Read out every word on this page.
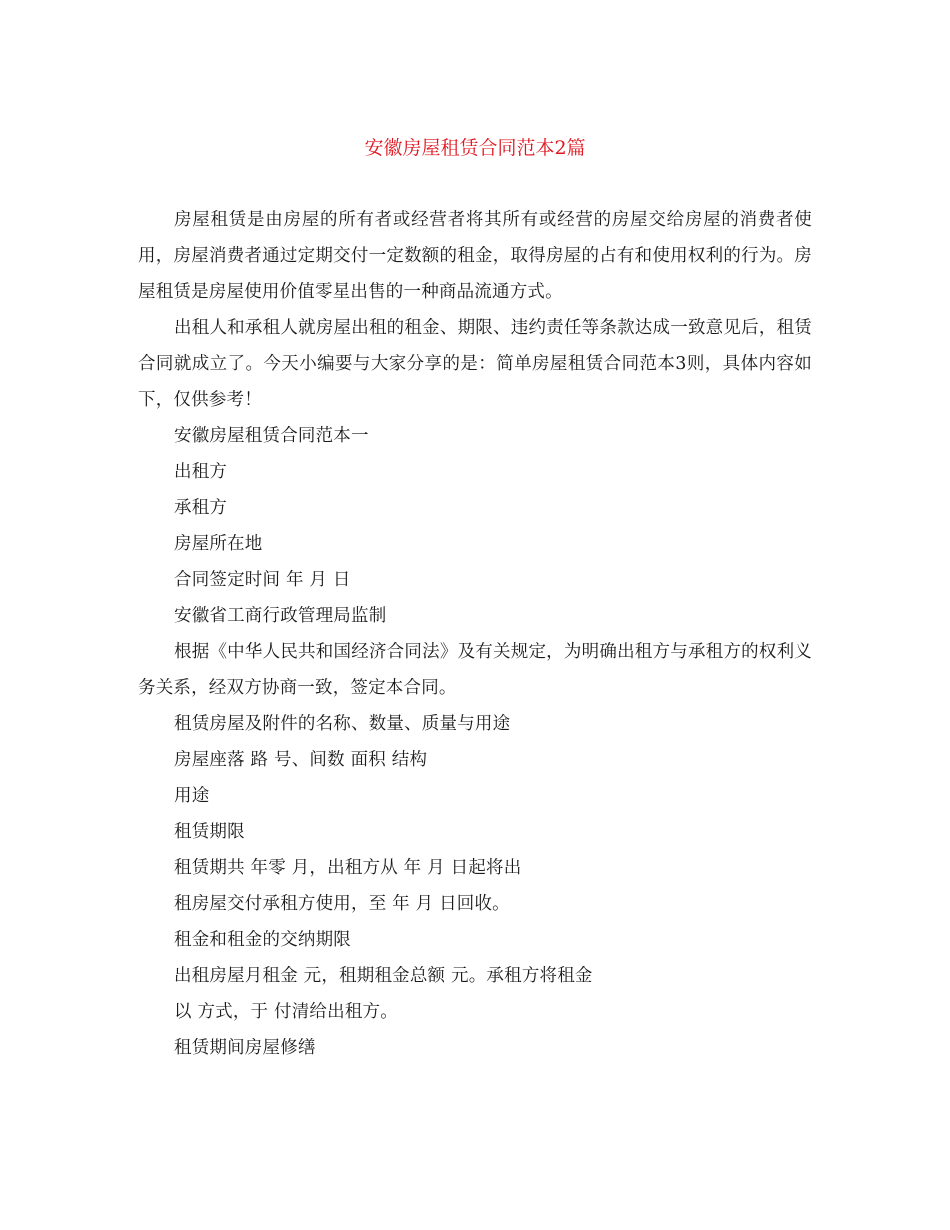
安徽房屋租赁合同范本2篇

房屋租赁是由房屋的所有者或经营者将其所有或经营的房屋交给房屋的消费者使用，房屋消费者通过定期交付一定数额的租金，取得房屋的占有和使用权利的行为。房屋租赁是房屋使用价值零星出售的一种商品流通方式。

出租人和承租人就房屋出租的租金、期限、违约责任等条款达成一致意见后，租赁合同就成立了。今天小编要与大家分享的是：简单房屋租赁合同范本3则，具体内容如下，仅供参考！

安徽房屋租赁合同范本一

出租方

承租方

房屋所在地

合同签定时间 年 月 日

安徽省工商行政管理局监制

根据《中华人民共和国经济合同法》及有关规定，为明确出租方与承租方的权利义务关系，经双方协商一致，签定本合同。

租赁房屋及附件的名称、数量、质量与用途

房屋座落 路 号、间数 面积 结构

用途

租赁期限

租赁期共 年零 月，出租方从 年 月 日起将出

租房屋交付承租方使用，至 年 月 日回收。

租金和租金的交纳期限

出租房屋月租金 元，租期租金总额 元。承租方将租金

以 方式，于 付清给出租方。

租赁期间房屋修缮
